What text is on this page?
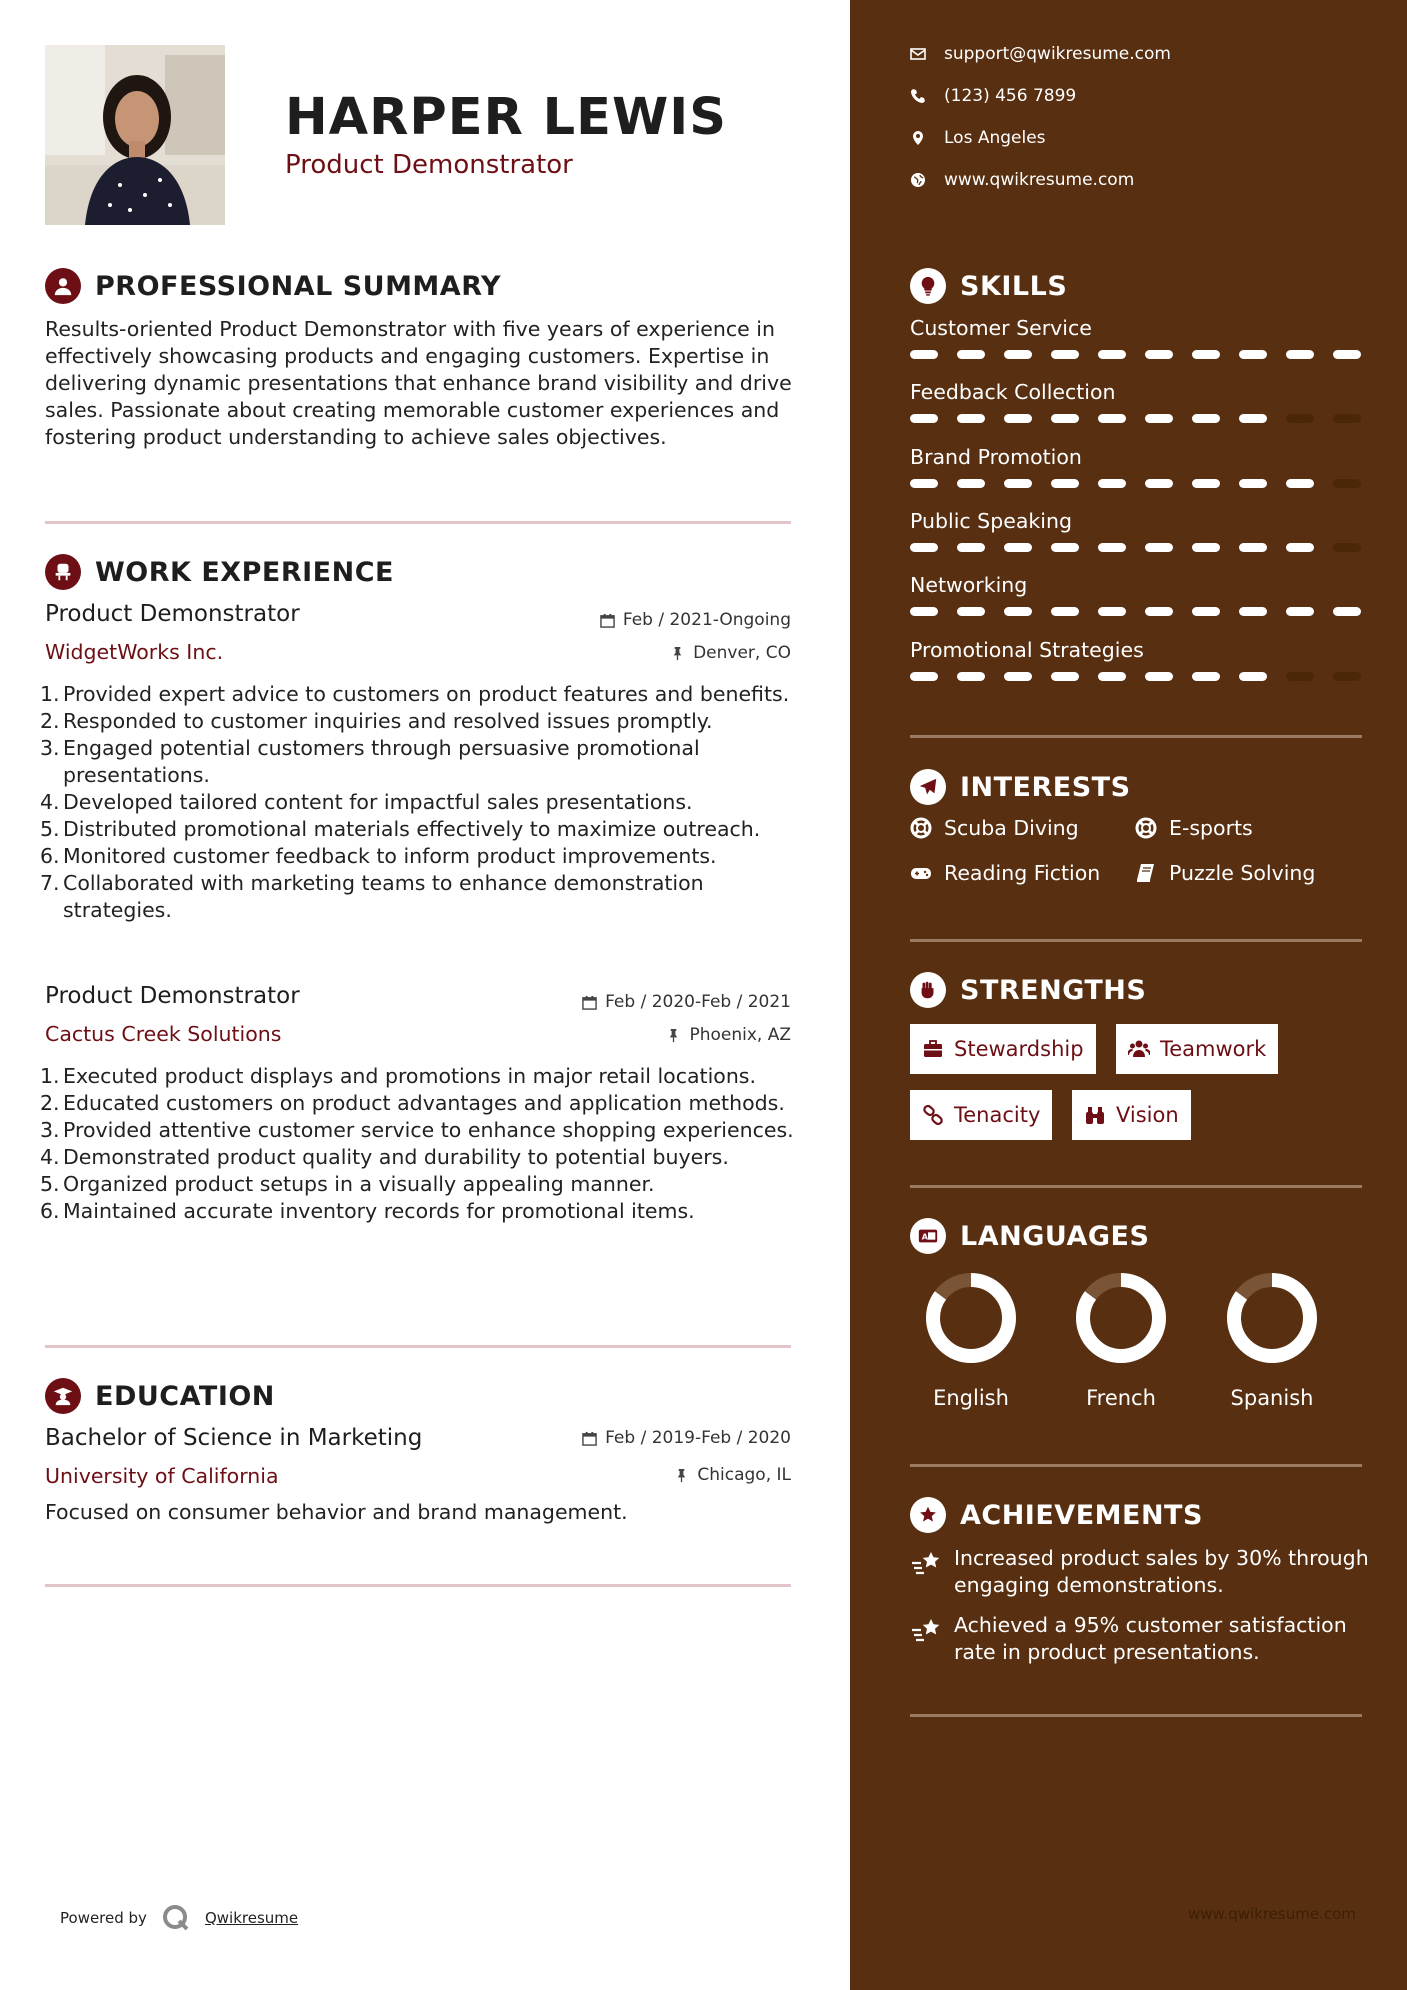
HARPER LEWIS
Product Demonstrator
PROFESSIONAL SUMMARY
Results-oriented Product Demonstrator with five years of experience in effectively showcasing products and engaging customers. Expertise in delivering dynamic presentations that enhance brand visibility and drive sales. Passionate about creating memorable customer experiences and fostering product understanding to achieve sales objectives.
WORK EXPERIENCE
Product Demonstrator	Feb / 2021-Ongoing
WidgetWorks Inc.	Denver, CO
Provided expert advice to customers on product features and benefits.
Responded to customer inquiries and resolved issues promptly.
Engaged potential customers through persuasive promotional presentations.
Developed tailored content for impactful sales presentations.
Distributed promotional materials effectively to maximize outreach.
Monitored customer feedback to inform product improvements.
Collaborated with marketing teams to enhance demonstration strategies.
Product Demonstrator	Feb / 2020-Feb / 2021
Cactus Creek Solutions	Phoenix, AZ
Executed product displays and promotions in major retail locations.
Educated customers on product advantages and application methods.
Provided attentive customer service to enhance shopping experiences.
Demonstrated product quality and durability to potential buyers.
Organized product setups in a visually appealing manner.
Maintained accurate inventory records for promotional items.
EDUCATION
Bachelor of Science in Marketing	Feb / 2019-Feb / 2020
University of California	Chicago, IL
Focused on consumer behavior and brand management.
Powered by	Qwikresume
support@qwikresume.com
(123) 456 7899
Los Angeles
www.qwikresume.com
SKILLS
Customer Service
Feedback Collection
Brand Promotion
Public Speaking
Networking
Promotional Strategies
INTERESTS
Scuba Diving	E-sports
Reading Fiction	Puzzle Solving
STRENGTHS
Stewardship	Teamwork
Tenacity	Vision
A LANGUAGES
English	French	Spanish
ACHIEVEMENTS
Increased product sales by 30% through engaging demonstrations.
Achieved a 95% customer satisfaction rate in product presentations.
www.qwikresume.com
